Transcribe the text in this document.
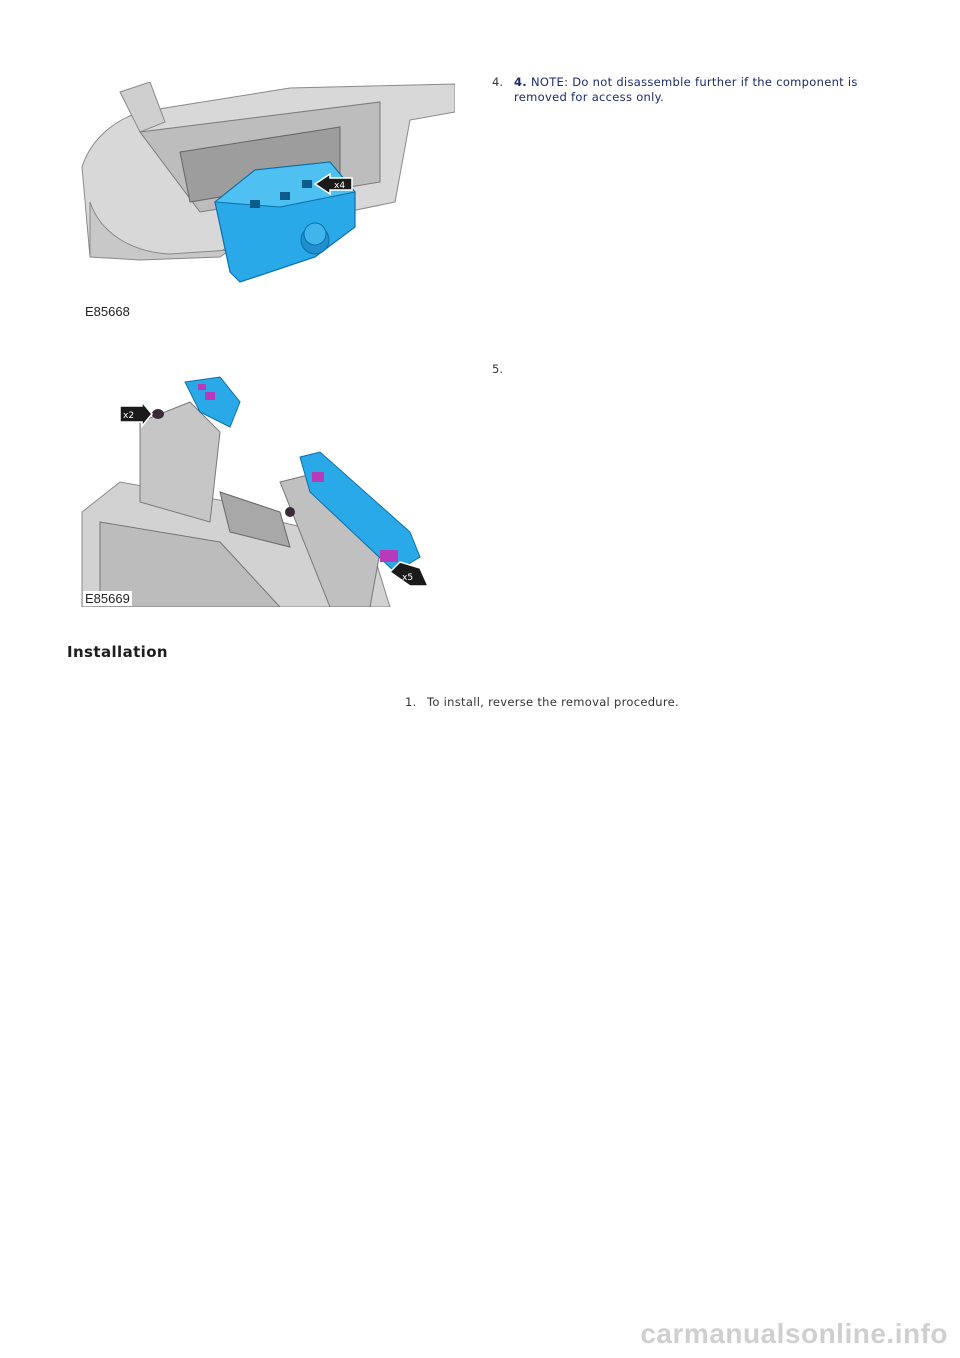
x4
E85668
4. 4. NOTE: Do not disassemble further if the component is removed for access only.
x2
x5
E85669
5.
Installation
1. To install, reverse the removal procedure.
carmanualsonline.info
